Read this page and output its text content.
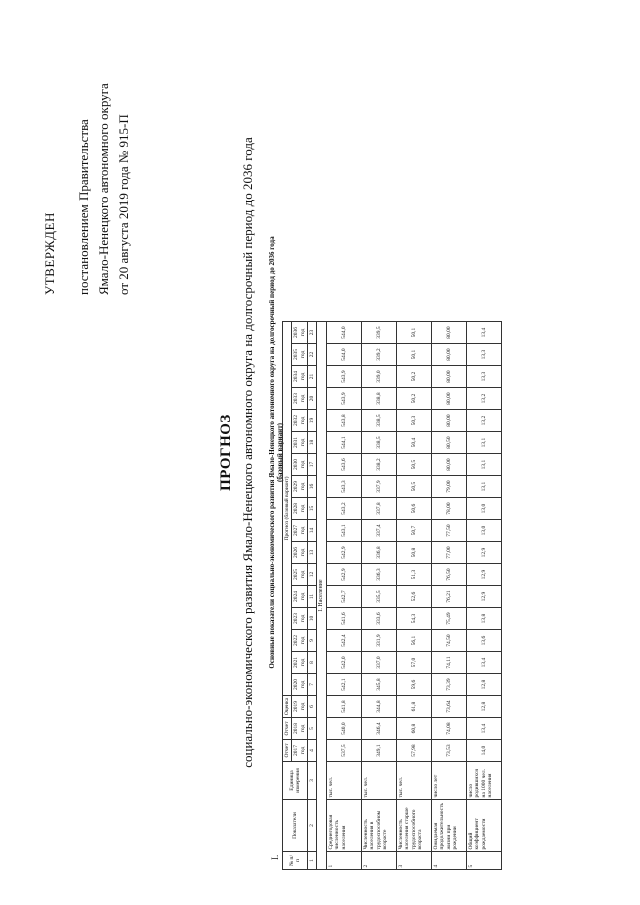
УТВЕРЖДЕН постановлением Правительства Ямало-Ненецкого автономного округа от 20 августа 2019 года № 915-П
ПРОГНОЗ социально-экономического развития Ямало-Ненецкого автономного округа на долгосрочный период до 2036 года
I.
Основные показатели социально-экономического развития Ямало-Ненецкого автономного округа на долгосрочный период до 2036 года (базовый вариант)
№ п/п	Показатели	Единица измерения	Отчет	Отчет	Оценка	Прогноз (базовый вариант)																
			2017 год	2018 год	2019 год	2020 год	2021 год	2022 год	2023 год	2024 год	2025 год	2026 год	2027 год	2028 год	2029 год	2030 год	2031 год	2032 год	2033 год	2034 год	2035 год	2036 год
1	2	3	4	5	6	7	8	9	10	11	12	13	14	15	16	17	18	19	20	21	22	23
I. Население																						
1	Среднегодовая численность населения	тыс. чел.	537,5	540,0	541,8	542,1	542,0	542,4	541,6	542,7	542,9	542,9	543,1	543,2	543,3	543,6	544,1	543,8	543,9	543,9	544,0	544,0
2	Численность населения в трудоспособном возрасте	тыс. чел.	349,1	346,4	344,8	345,8	337,0	331,9	333,6	335,5	336,3	336,8	337,4	337,8	337,9	338,2	338,5	338,5	338,8	339,0	339,2	339,5
3	Численность населения старше трудоспособного возраста	тыс. чел.	57,98	60,8	61,8	59,6	57,0	56,1	54,3	52,6	51,3	50,8	50,7	50,6	50,5	50,5	50,4	50,3	50,2	50,2	50,1	50,1
4	Ожидаемая продолжительность жизни при рождении	число лет	73,53	74,08	73,64	73,39	74,11	74,50	75,49	76,21	76,50	77,00	77,50	78,00	79,00	80,00	80,50	80,00	80,00	80,00	80,00	80,00
5	Общий коэффициент рождаемости	число родившихся на 1000 чел. населения	14,0	13,4	12,8	12,8	13,4	13,6	13,8	12,9	12,9	12,9	13,0	13,0	13,1	13,1	13,1	13,2	13,2	13,3	13,3	13,4
